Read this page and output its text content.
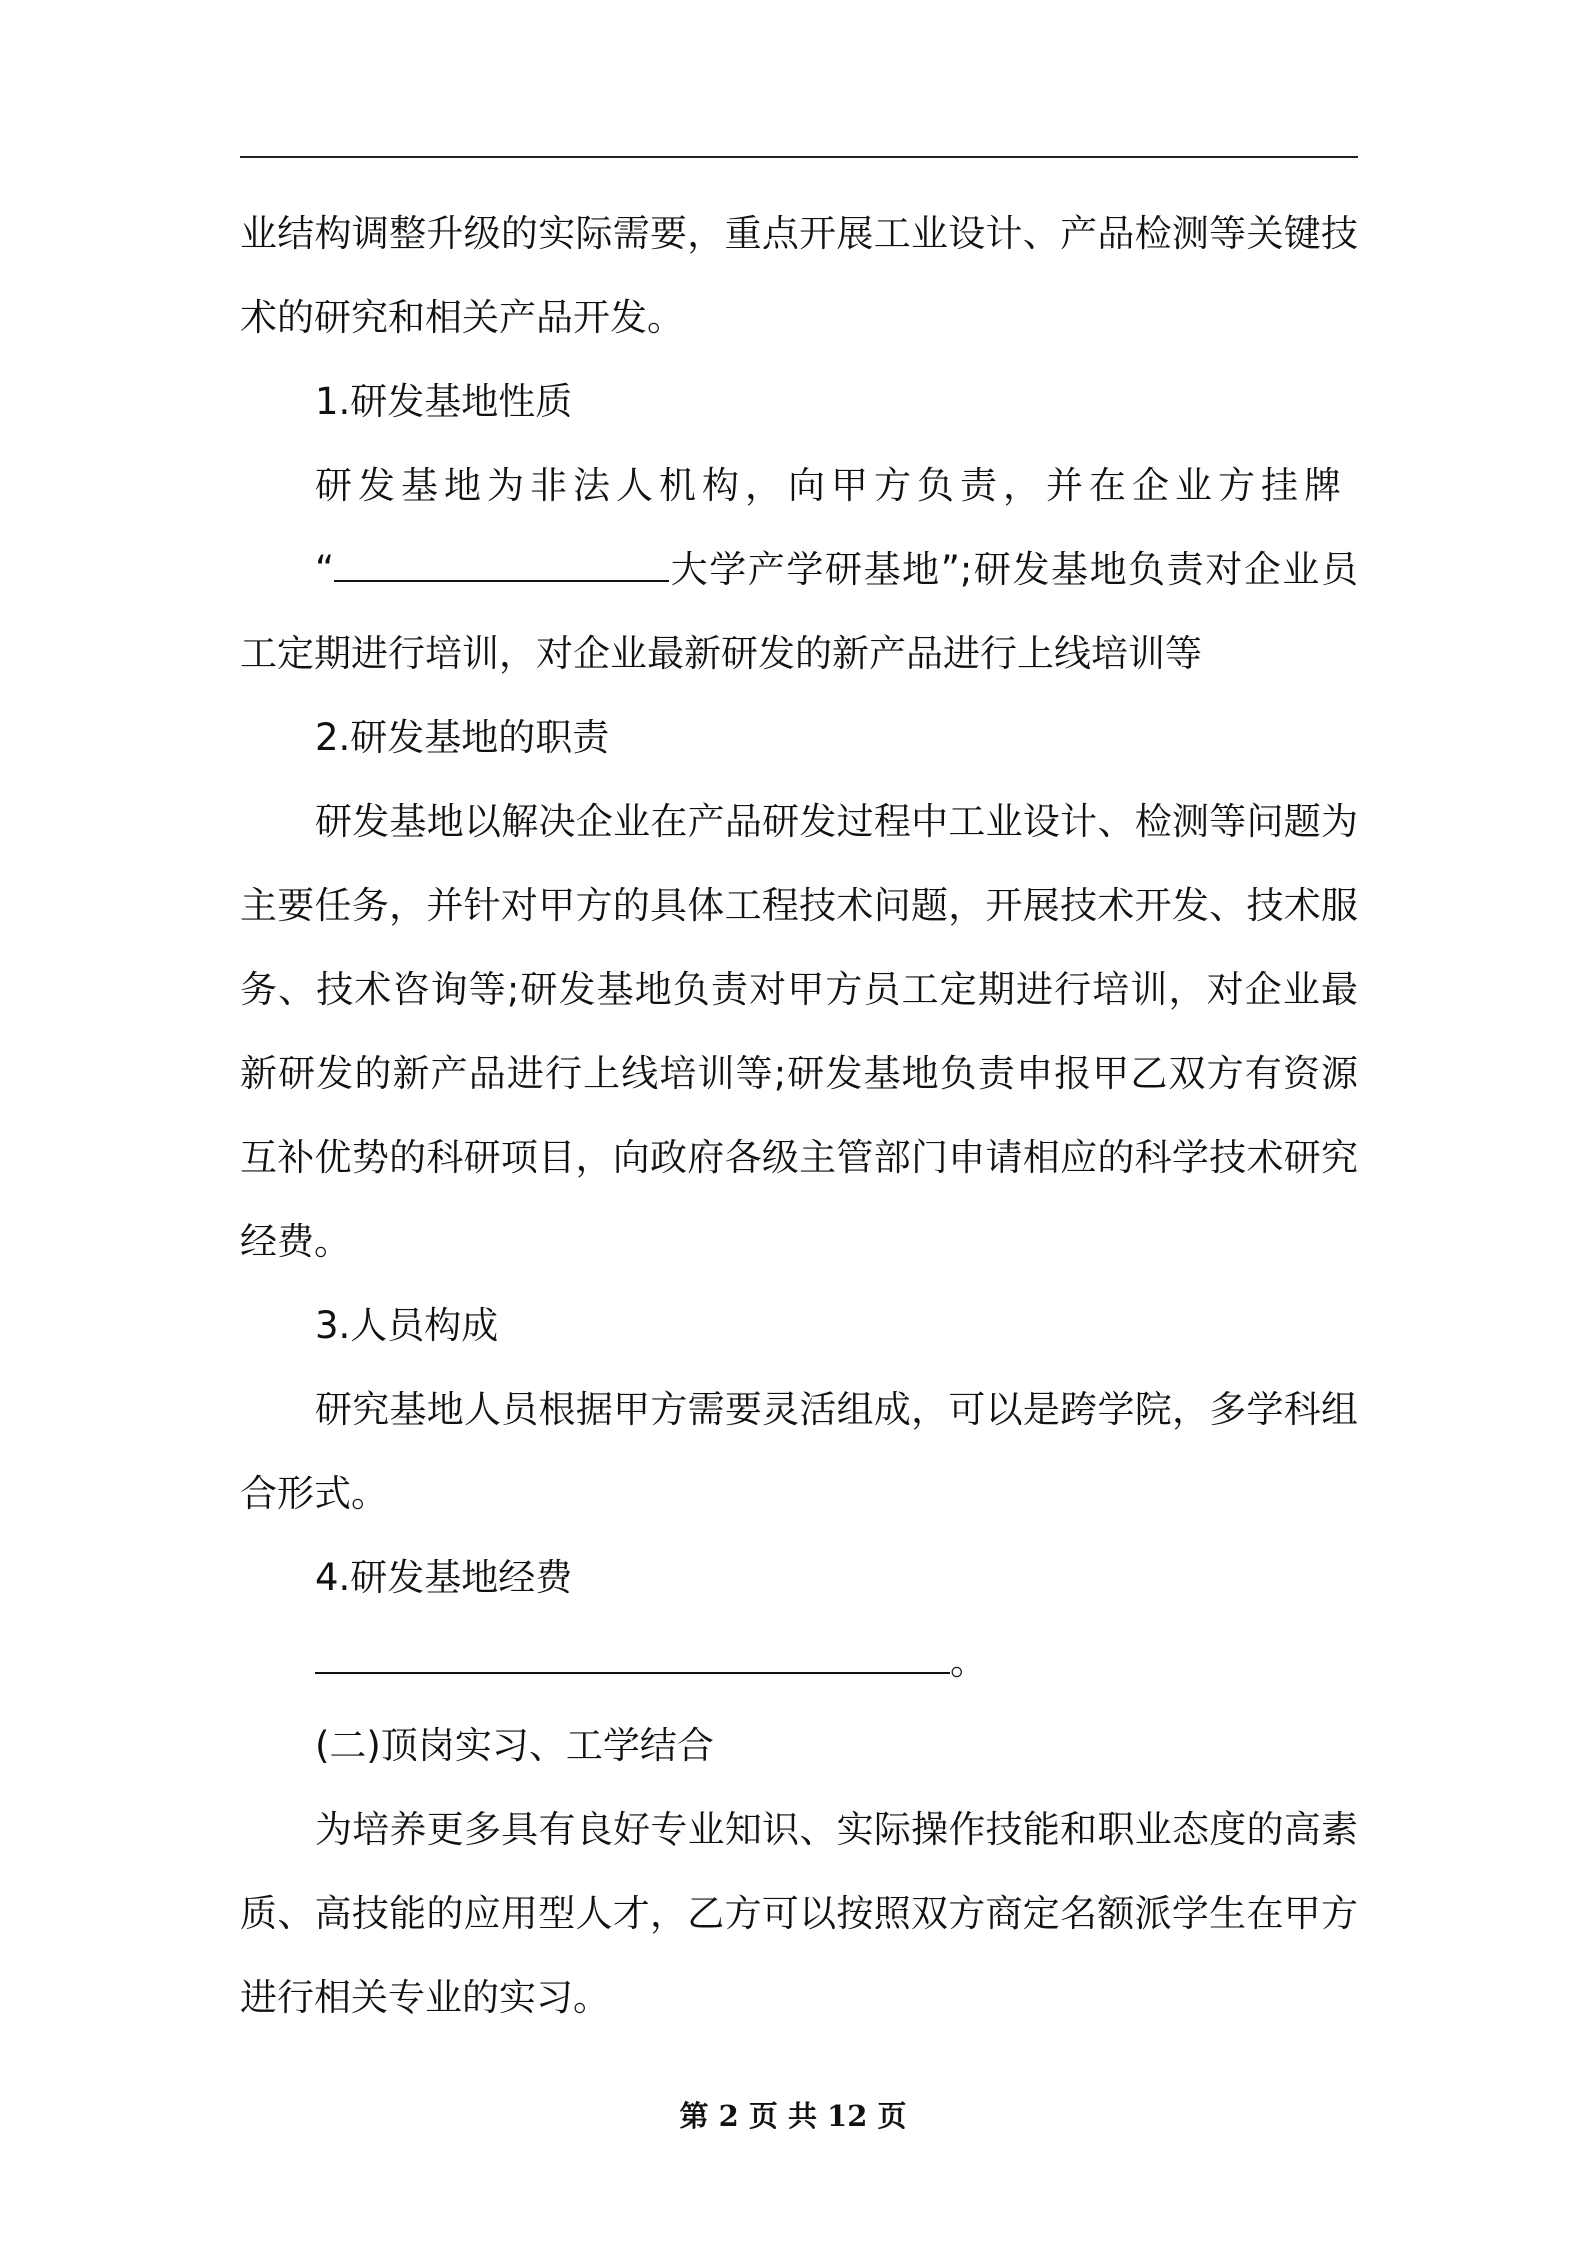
业结构调整升级的实际需要，重点开展工业设计、产品检测等关键技术的研究和相关产品开发。

1.研发基地性质

研发基地为非法人机构，向甲方负责，并在企业方挂牌

“	大学产学研基地”;研发基地负责对企业员工定期进行培训，对企业最新研发的新产品进行上线培训等

2.研发基地的职责

研发基地以解决企业在产品研发过程中工业设计、检测等问题为主要任务，并针对甲方的具体工程技术问题，开展技术开发、技术服务、技术咨询等;研发基地负责对甲方员工定期进行培训，对企业最新研发的新产品进行上线培训等;研发基地负责申报甲乙双方有资源互补优势的科研项目，向政府各级主管部门申请相应的科学技术研究经费。

3.人员构成

研究基地人员根据甲方需要灵活组成，可以是跨学院，多学科组合形式。

4.研发基地经费

。

(二)顶岗实习、工学结合

为培养更多具有良好专业知识、实际操作技能和职业态度的高素质、高技能的应用型人才，乙方可以按照双方商定名额派学生在甲方进行相关专业的实习。

第 2 页 共 12 页
